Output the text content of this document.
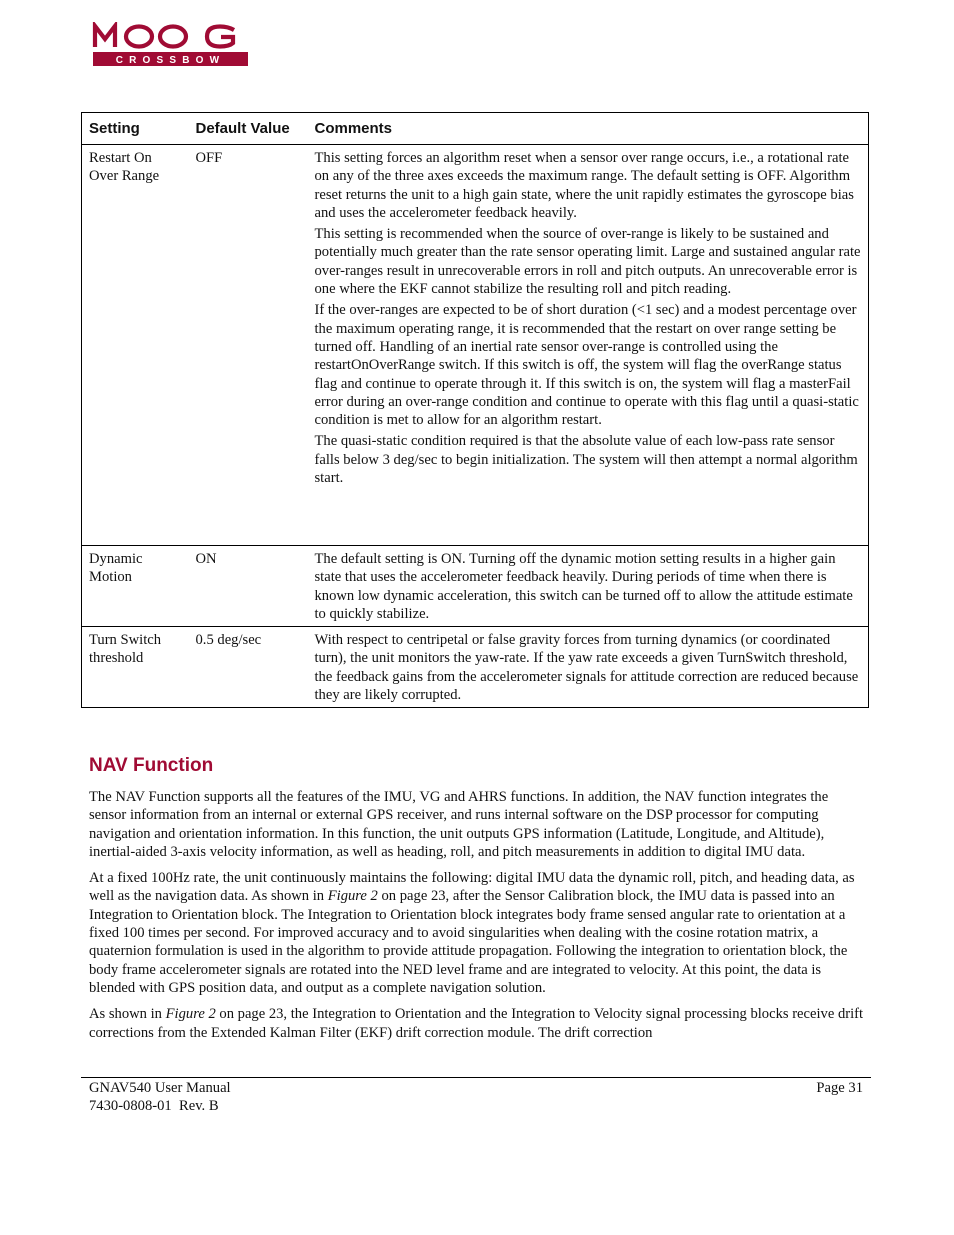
CROSSBOW
Setting	Default Value	Comments
Restart On Over Range	OFF	This setting forces an algorithm reset when a sensor over range occurs, i.e., a rotational rate on any of the three axes exceeds the maximum range. The default setting is OFF. Algorithm reset returns the unit to a high gain state, where the unit rapidly estimates the gyroscope bias and uses the accelerometer feedback heavily.

This setting is recommended when the source of over-range is likely to be sustained and potentially much greater than the rate sensor operating limit. Large and sustained angular rate over-ranges result in unrecoverable errors in roll and pitch outputs. An unrecoverable error is one where the EKF cannot stabilize the resulting roll and pitch reading.

If the over-ranges are expected to be of short duration (<1 sec) and a modest percentage over the maximum operating range, it is recommended that the restart on over range setting be turned off. Handling of an inertial rate sensor over-range is controlled using the restartOnOverRange switch. If this switch is off, the system will flag the overRange status flag and continue to operate through it. If this switch is on, the system will flag a masterFail error during an over-range condition and continue to operate with this flag until a quasi-static condition is met to allow for an algorithm restart.

The quasi-static condition required is that the absolute value of each low-pass rate sensor falls below 3 deg/sec to begin initialization. The system will then attempt a normal algorithm start.

Dynamic Motion	ON	The default setting is ON. Turning off the dynamic motion setting results in a higher gain state that uses the accelerometer feedback heavily. During periods of time when there is known low dynamic acceleration, this switch can be turned off to allow the attitude estimate to quickly stabilize.

Turn Switch threshold	0.5 deg/sec	With respect to centripetal or false gravity forces from turning dynamics (or coordinated turn), the unit monitors the yaw-rate. If the yaw rate exceeds a given TurnSwitch threshold, the feedback gains from the accelerometer signals for attitude correction are reduced because they are likely corrupted.

NAV Function

The NAV Function supports all the features of the IMU, VG and AHRS functions. In addition, the NAV function integrates the sensor information from an internal or external GPS receiver, and runs internal software on the DSP processor for computing navigation and orientation information. In this function, the unit outputs GPS information (Latitude, Longitude, and Altitude), inertial-aided 3-axis velocity information, as well as heading, roll, and pitch measurements in addition to digital IMU data.

At a fixed 100Hz rate, the unit continuously maintains the following: digital IMU data the dynamic roll, pitch, and heading data, as well as the navigation data. As shown in Figure 2 on page 23, after the Sensor Calibration block, the IMU data is passed into an Integration to Orientation block. The Integration to Orientation block integrates body frame sensed angular rate to orientation at a fixed 100 times per second. For improved accuracy and to avoid singularities when dealing with the cosine rotation matrix, a quaternion formulation is used in the algorithm to provide attitude propagation. Following the integration to orientation block, the body frame accelerometer signals are rotated into the NED level frame and are integrated to velocity. At this point, the data is blended with GPS position data, and output as a complete navigation solution.

As shown in Figure 2 on page 23, the Integration to Orientation and the Integration to Velocity signal processing blocks receive drift corrections from the Extended Kalman Filter (EKF) drift correction module. The drift correction

GNAV540 User Manual
7430-0808-01  Rev. B
Page 31
